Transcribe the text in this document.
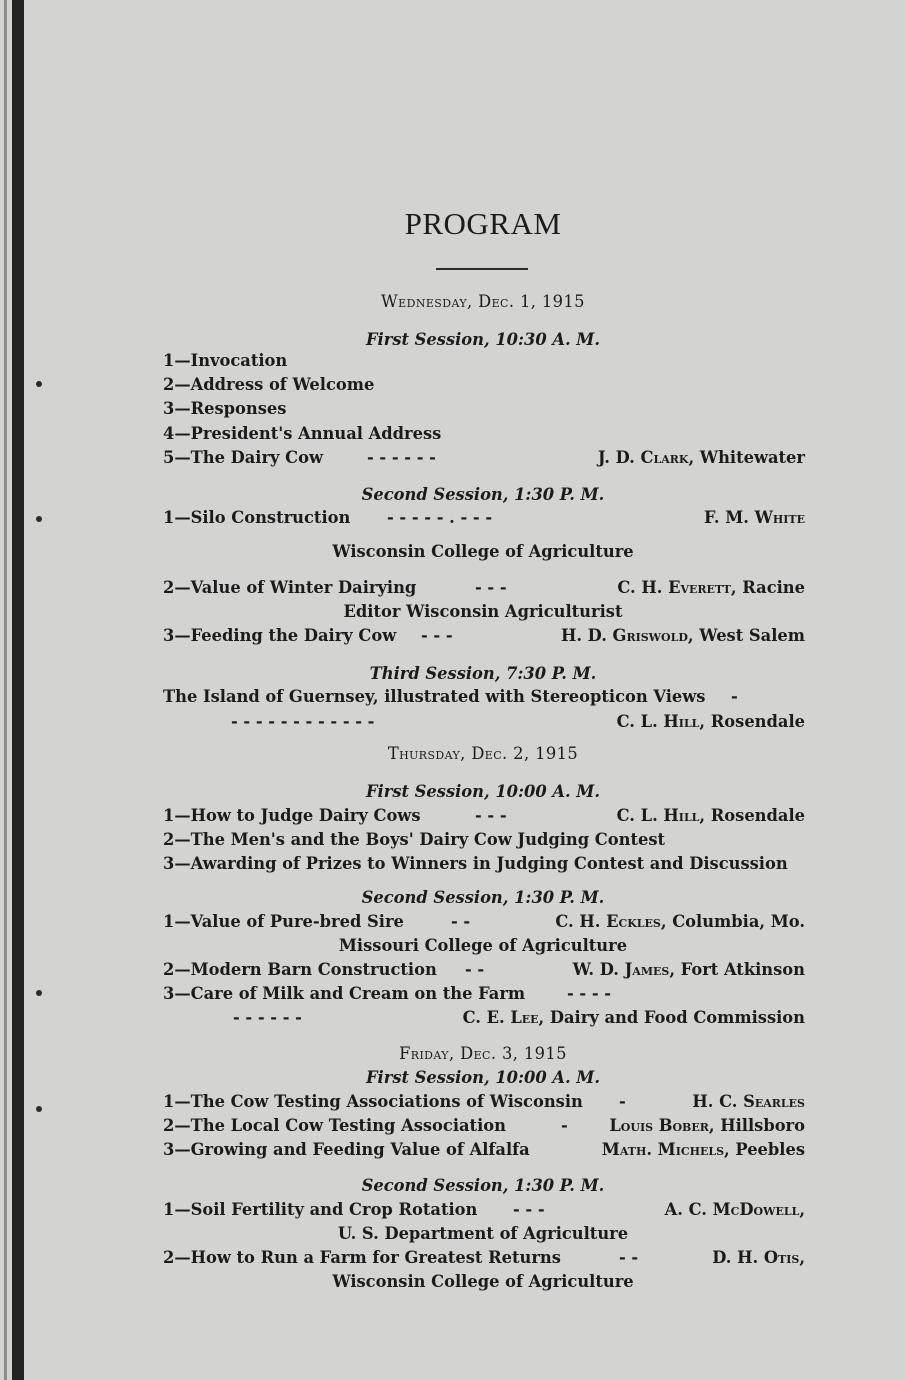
PROGRAM
Wednesday, Dec. 1, 1915
First Session, 10:30 A. M.
1—Invocation
2—Address of Welcome
3—Responses
4—President's Annual Address
5—The Dairy Cow	- - - - - -	J. D. Clark, Whitewater
Second Session, 1:30 P. M.
1—Silo Construction - - - - - . - - -	F. M. White
Wisconsin College of Agriculture
2—Value of Winter Dairying	- - -	C. H. Everett, Racine
Editor Wisconsin Agriculturist
3—Feeding the Dairy Cow - - -	H. D. Griswold, West Salem
Third Session, 7:30 P. M.
The Island of Guernsey, illustrated with Stereopticon Views -
- - - - - - - - - - - -	C. L. Hill, Rosendale
Thursday, Dec. 2, 1915
First Session, 10:00 A. M.
1—How to Judge Dairy Cows	- - -	C. L. Hill, Rosendale
2—The Men's and the Boys' Dairy Cow Judging Contest
3—Awarding of Prizes to Winners in Judging Contest and Discussion
Second Session, 1:30 P. M.
1—Value of Pure-bred Sire	- -	C. H. Eckles, Columbia, Mo.
Missouri College of Agriculture
2—Modern Barn Construction - -	W. D. James, Fort Atkinson
3—Care of Milk and Cream on the Farm	- - - -
- - - - - -	C. E. Lee, Dairy and Food Commission
Friday, Dec. 3, 1915
First Session, 10:00 A. M.
1—The Cow Testing Associations of Wisconsin -	H. C. Searles
2—The Local Cow Testing Association	-	Louis Bober, Hillsboro
3—Growing and Feeding Value of Alfalfa	Math. Michels, Peebles
Second Session, 1:30 P. M.
1—Soil Fertility and Crop Rotation - - -	A. C. McDowell,
U. S. Department of Agriculture
2—How to Run a Farm for Greatest Returns	- -	D. H. Otis,
Wisconsin College of Agriculture
